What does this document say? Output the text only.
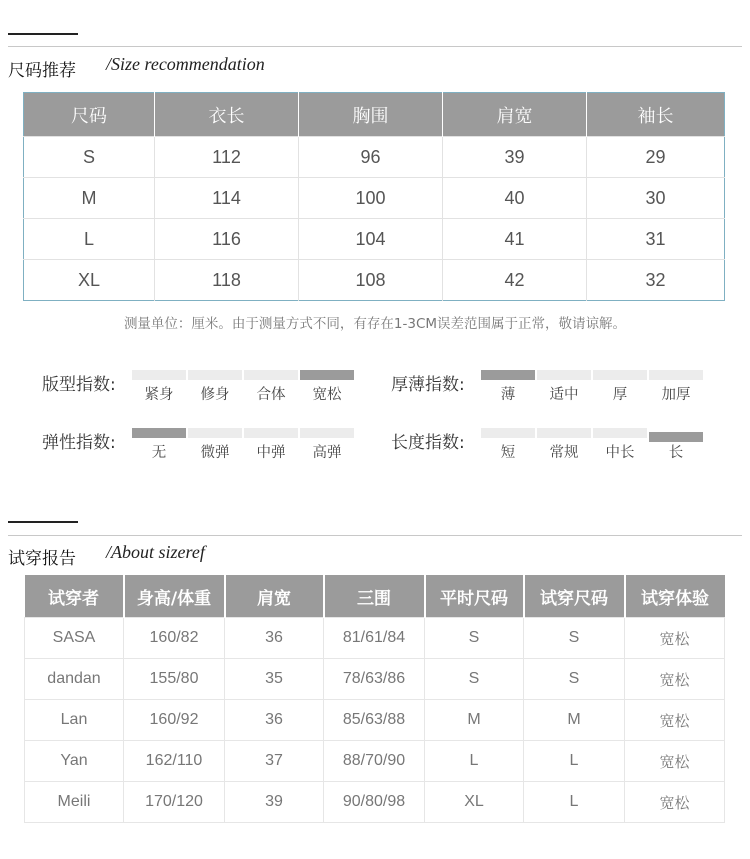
尺码推荐 /Size recommendation
尺码	衣长	胸围	肩宽	袖长
S	112	96	39	29
M	114	100	40	30
L	116	104	41	31
XL	118	108	42	32
测量单位：厘米。由于测量方式不同，有存在1-3CM误差范围属于正常，敬请谅解。
版型指数:	紧身	修身	合体	宽松	厚薄指数:	薄	适中	厚	加厚
弹性指数:	无	微弹	中弹	高弹	长度指数:	短	常规	中长	长
试穿报告 /About sizeref
试穿者	身高/体重	肩宽	三围	平时尺码	试穿尺码	试穿体验
SASA	160/82	36	81/61/84	S	S	宽松
dandan	155/80	35	78/63/86	S	S	宽松
Lan	160/92	36	85/63/88	M	M	宽松
Yan	162/110	37	88/70/90	L	L	宽松
Meili	170/120	39	90/80/98	XL	L	宽松
